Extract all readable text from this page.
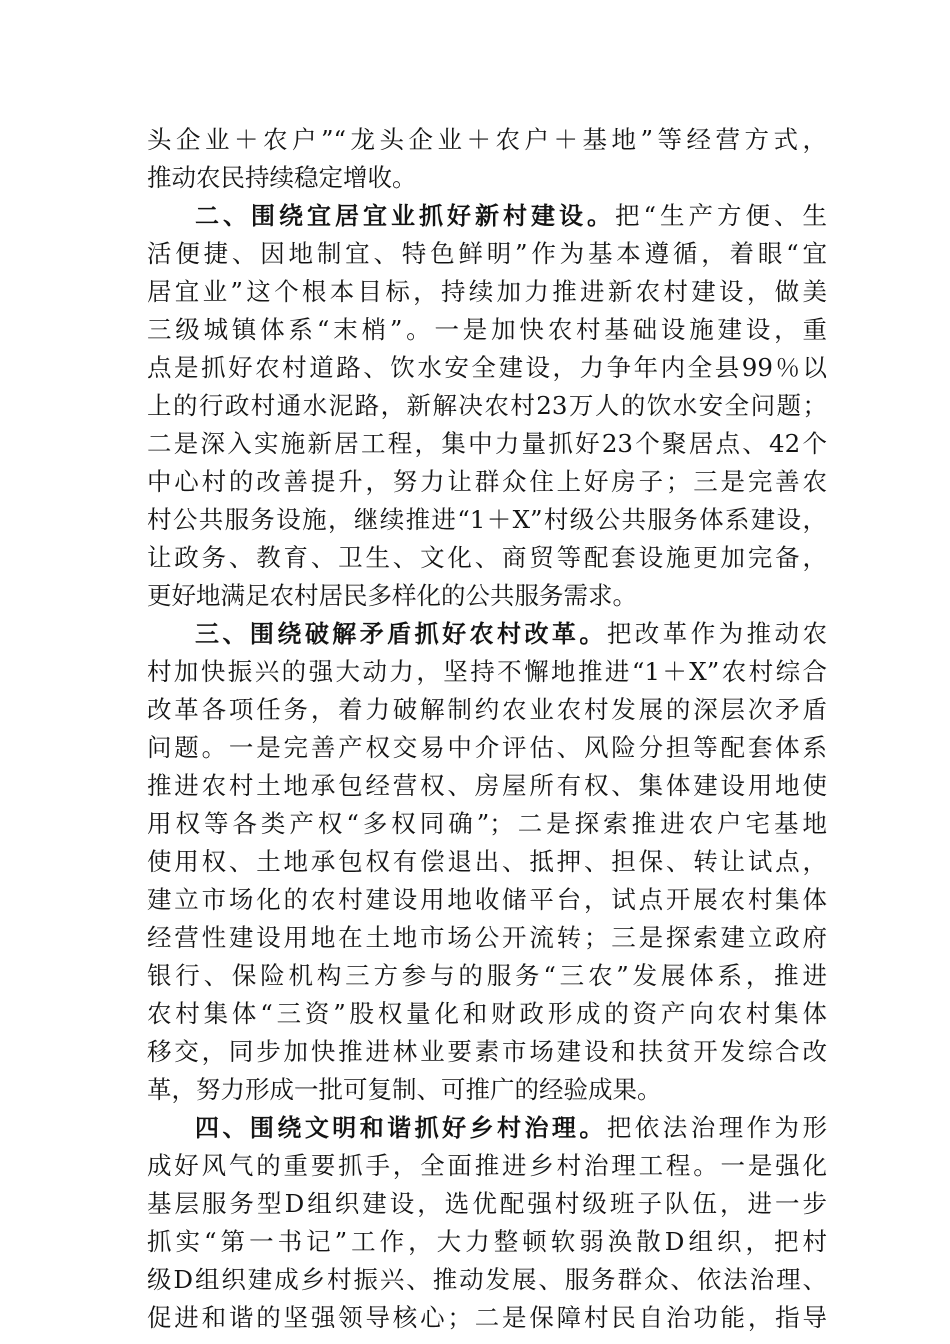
头企业＋农户”“龙头企业＋农户＋基地”等经营方式，
推动农民持续稳定增收。
二、围绕宜居宜业抓好新村建设。把“生产方便、生
活便捷、因地制宜、特色鲜明”作为基本遵循，着眼“宜
居宜业”这个根本目标，持续加力推进新农村建设，做美
三级城镇体系“末梢”。一是加快农村基础设施建设，重
点是抓好农村道路、饮水安全建设，力争年内全县99％以
上的行政村通水泥路，新解决农村23万人的饮水安全问题；
二是深入实施新居工程，集中力量抓好23个聚居点、42个
中心村的改善提升，努力让群众住上好房子；三是完善农
村公共服务设施，继续推进“1＋X”村级公共服务体系建设，
让政务、教育、卫生、文化、商贸等配套设施更加完备，
更好地满足农村居民多样化的公共服务需求。
三、围绕破解矛盾抓好农村改革。把改革作为推动农
村加快振兴的强大动力，坚持不懈地推进“1＋X”农村综合
改革各项任务，着力破解制约农业农村发展的深层次矛盾
问题。一是完善产权交易中介评估、风险分担等配套体系
推进农村土地承包经营权、房屋所有权、集体建设用地使
用权等各类产权“多权同确”；二是探索推进农户宅基地
使用权、土地承包权有偿退出、抵押、担保、转让试点，
建立市场化的农村建设用地收储平台，试点开展农村集体
经营性建设用地在土地市场公开流转；三是探索建立政府
银行、保险机构三方参与的服务“三农”发展体系，推进
农村集体“三资”股权量化和财政形成的资产向农村集体
移交，同步加快推进林业要素市场建设和扶贫开发综合改
革，努力形成一批可复制、可推广的经验成果。
四、围绕文明和谐抓好乡村治理。把依法治理作为形
成好风气的重要抓手，全面推进乡村治理工程。一是强化
基层服务型D组织建设，选优配强村级班子队伍，进一步
抓实“第一书记”工作，大力整顿软弱涣散D组织，把村
级D组织建成乡村振兴、推动发展、服务群众、依法治理、
促进和谐的坚强领导核心；二是保障村民自治功能，指导
